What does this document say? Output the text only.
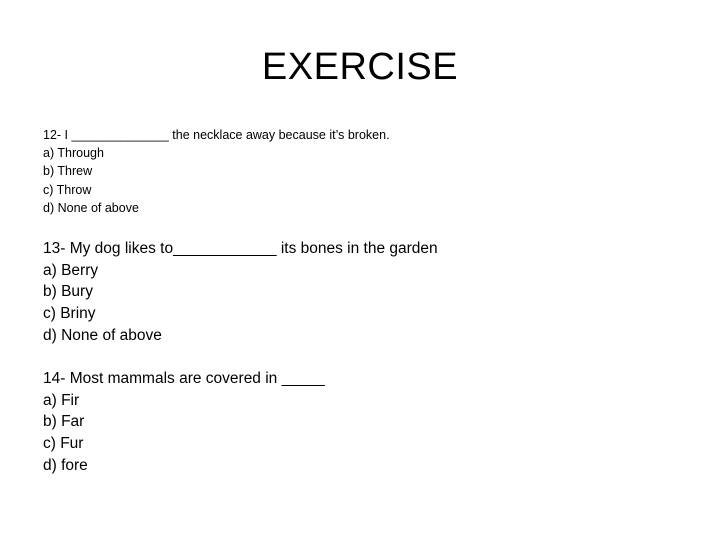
EXERCISE
12- I ______________ the necklace away because it’s broken.
a) Through
b) Threw
c) Throw
d) None of above
13- My dog likes to____________ its bones in the garden
a) Berry
b) Bury
c) Briny
d) None of above
14- Most mammals are covered in _____
a) Fir
b) Far
c) Fur
d) fore
